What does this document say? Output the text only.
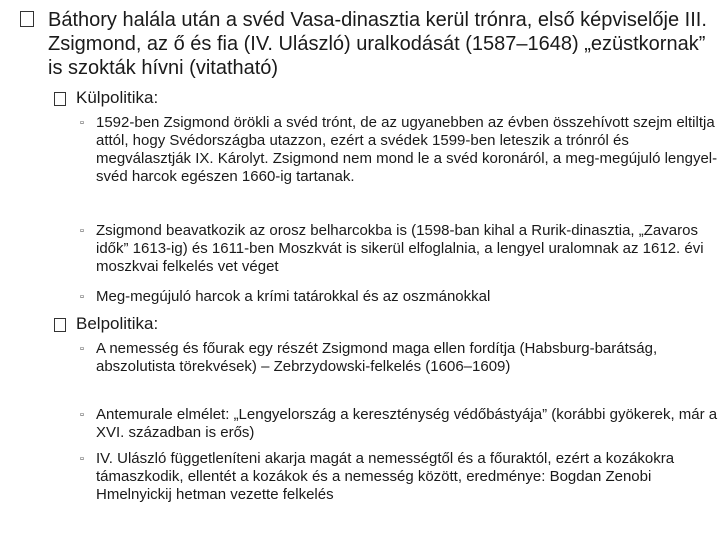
Báthory halála után a svéd Vasa-dinasztia kerül trónra, első képviselője III. Zsigmond, az ő és fia (IV. Ulászló) uralkodását (1587–1648) „ezüstkornak” is szokták hívni (vitatható)
Külpolitika:
▫ 1592-ben Zsigmond örökli a svéd trónt, de az ugyanebben az évben összehívott szejm eltiltja attól, hogy Svédországba utazzon, ezért a svédek 1599-ben leteszik a trónról és megválasztják IX. Károlyt. Zsigmond nem mond le a svéd koronáról, a meg-megújuló lengyel-svéd harcok egészen 1660-ig tartanak.
▫ Zsigmond beavatkozik az orosz belharcokba is (1598-ban kihal a Rurik-dinasztia, „Zavaros idők” 1613-ig) és 1611-ben Moszkvát is sikerül elfoglalnia, a lengyel uralomnak az 1612. évi moszkvai felkelés vet véget
▫ Meg-megújuló harcok a krími tatárokkal és az oszmánokkal
Belpolitika:
▫ A nemesség és főurak egy részét Zsigmond maga ellen fordítja (Habsburg-barátság, abszolutista törekvések) – Zebrzydowski-felkelés (1606–1609)
▫ Antemurale elmélet: „Lengyelország a kereszténység védőbástyája” (korábbi gyökerek, már a XVI. században is erős)
▫ IV. Ulászló függetleníteni akarja magát a nemességtől és a főuraktól, ezért a kozákokra támaszkodik, ellentét a kozákok és a nemesség között, eredménye: Bogdan Zenobi Hmelnyickij hetman vezette felkelés
